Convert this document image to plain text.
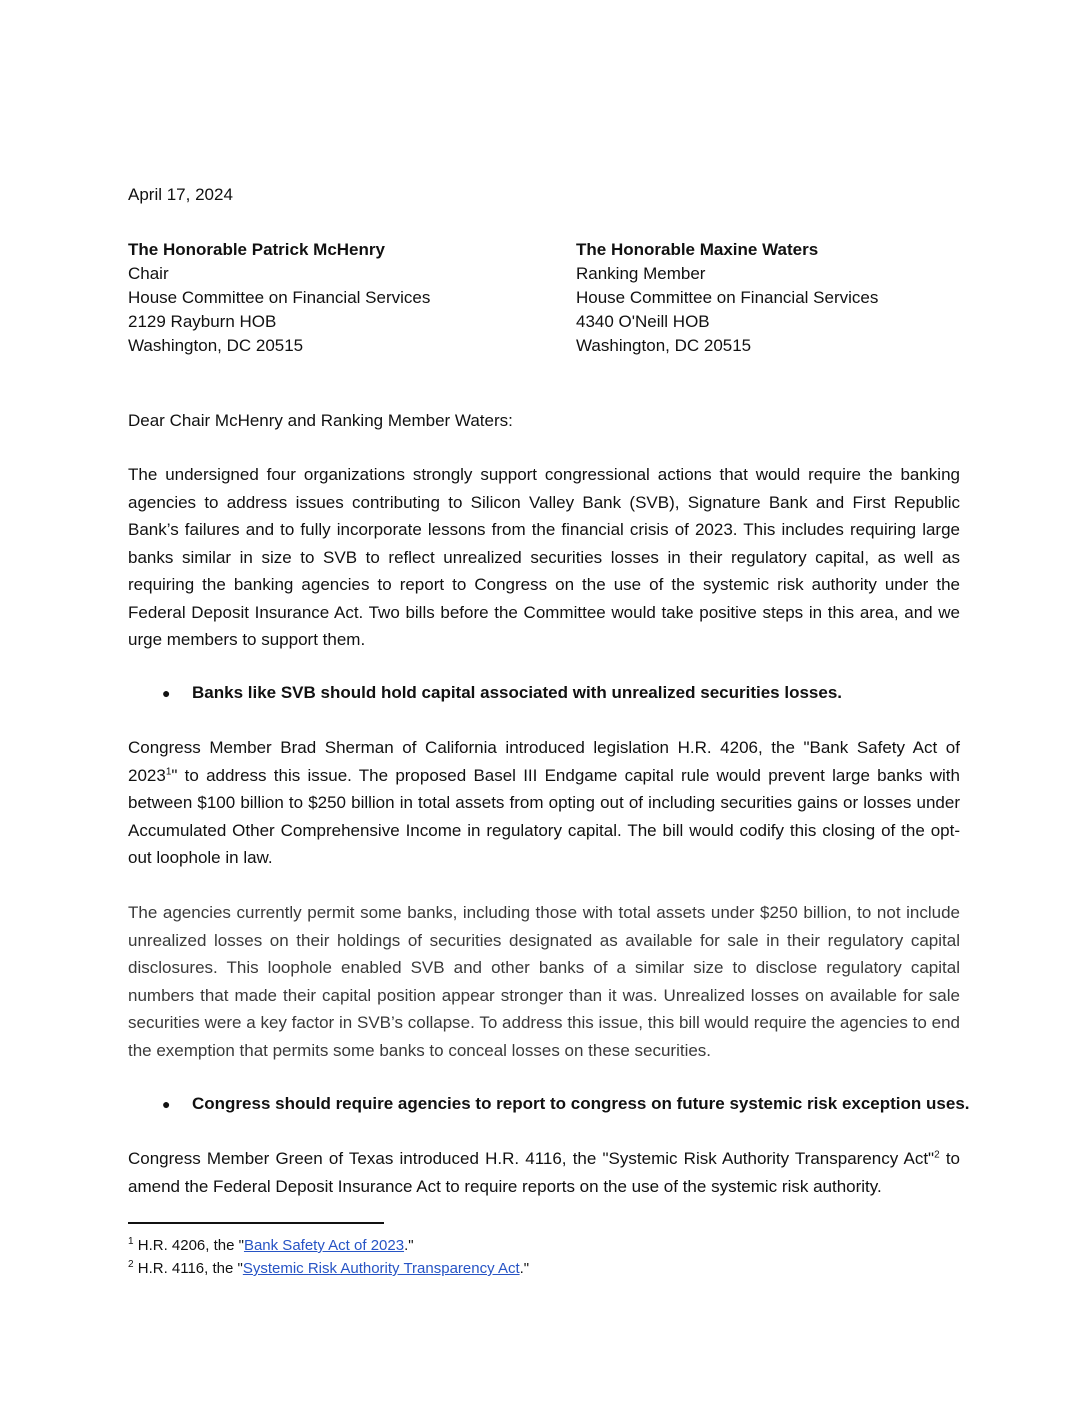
April 17, 2024
The Honorable Patrick McHenry
Chair
House Committee on Financial Services
2129 Rayburn HOB
Washington, DC 20515
The Honorable Maxine Waters
Ranking Member
House Committee on Financial Services
4340 O'Neill HOB
Washington, DC 20515
Dear Chair McHenry and Ranking Member Waters:
The undersigned four organizations strongly support congressional actions that would require the banking agencies to address issues contributing to Silicon Valley Bank (SVB), Signature Bank and First Republic Bank’s failures and to fully incorporate lessons from the financial crisis of 2023. This includes requiring large banks similar in size to SVB to reflect unrealized securities losses in their regulatory capital, as well as requiring the banking agencies to report to Congress on the use of the systemic risk authority under the Federal Deposit Insurance Act. Two bills before the Committee would take positive steps in this area, and we urge members to support them.
● Banks like SVB should hold capital associated with unrealized securities losses.
Congress Member Brad Sherman of California introduced legislation H.R. 4206, the "Bank Safety Act of 2023$^1$" to address this issue. The proposed Basel III Endgame capital rule would prevent large banks with between $100 billion to $250 billion in total assets from opting out of including securities gains or losses under Accumulated Other Comprehensive Income in regulatory capital. The bill would codify this closing of the opt-out loophole in law.
The agencies currently permit some banks, including those with total assets under $250 billion, to not include unrealized losses on their holdings of securities designated as available for sale in their regulatory capital disclosures. This loophole enabled SVB and other banks of a similar size to disclose regulatory capital numbers that made their capital position appear stronger than it was. Unrealized losses on available for sale securities were a key factor in SVB’s collapse. To address this issue, this bill would require the agencies to end the exemption that permits some banks to conceal losses on these securities.
● Congress should require agencies to report to congress on future systemic risk exception uses.
Congress Member Green of Texas introduced H.R. 4116, the "Systemic Risk Authority Transparency Act"$^2$ to amend the Federal Deposit Insurance Act to require reports on the use of the systemic risk authority.
$^1$ H.R. 4206, the "Bank Safety Act of 2023."
$^2$ H.R. 4116, the "Systemic Risk Authority Transparency Act."
